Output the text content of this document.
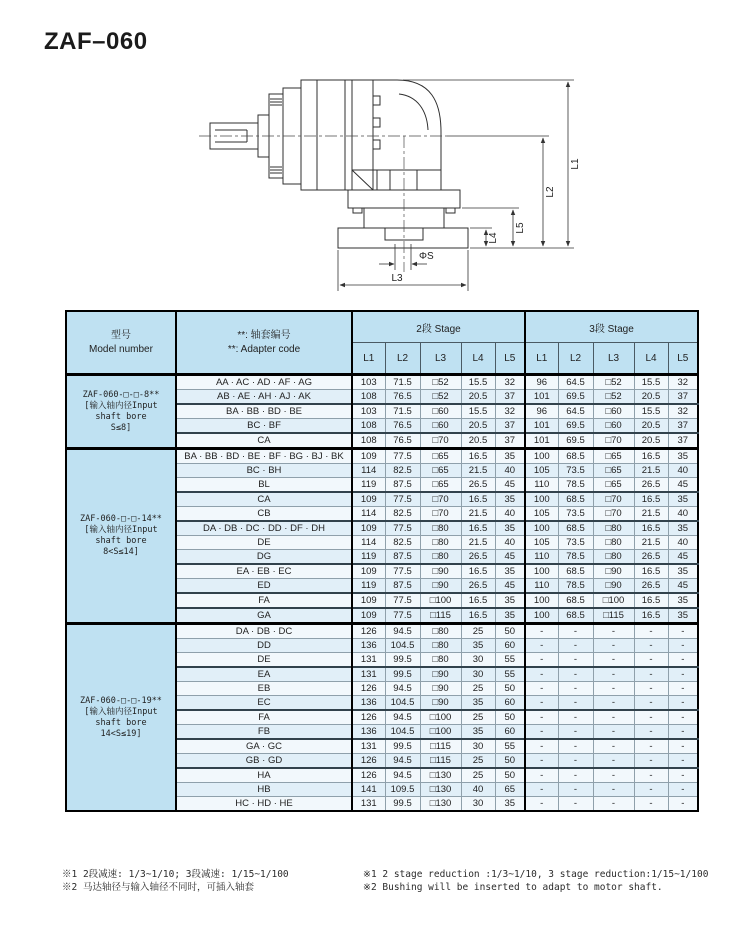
ZAF–060
L3
ΦS
L1
L2
L5
L4
型号
Model number

**: 轴套编号
**: Adapter code
	2段 Stage	3段 Stage
		L1	L2	L3	L4	L5	L1	L2	L3	L4	L5

ZAF-060-□-□-8**
[输入轴内径Input
shaft bore
S≤8]	AA · AC · AD · AF · AG	103	71.5	□52	15.5	32	96	64.5	□52	15.5	32
	AB · AE · AH · AJ · AK	108	76.5	□52	20.5	37	101	69.5	□52	20.5	37
	BA · BB · BD · BE	103	71.5	□60	15.5	32	96	64.5	□60	15.5	32
	BC · BF	108	76.5	□60	20.5	37	101	69.5	□60	20.5	37
	CA	108	76.5	□70	20.5	37	101	69.5	□70	20.5	37

ZAF-060-□-□-14**
[输入轴内径Input
shaft bore
8<S≤14]	BA · BB · BD · BE · BF · BG · BJ · BK	109	77.5	□65	16.5	35	100	68.5	□65	16.5	35
	BC · BH	114	82.5	□65	21.5	40	105	73.5	□65	21.5	40
	BL	119	87.5	□65	26.5	45	110	78.5	□65	26.5	45
	CA	109	77.5	□70	16.5	35	100	68.5	□70	16.5	35
	CB	114	82.5	□70	21.5	40	105	73.5	□70	21.5	40
	DA · DB · DC · DD · DF · DH	109	77.5	□80	16.5	35	100	68.5	□80	16.5	35
	DE	114	82.5	□80	21.5	40	105	73.5	□80	21.5	40
	DG	119	87.5	□80	26.5	45	110	78.5	□80	26.5	45
	EA · EB · EC	109	77.5	□90	16.5	35	100	68.5	□90	16.5	35
	ED	119	87.5	□90	26.5	45	110	78.5	□90	26.5	45
	FA	109	77.5	□100	16.5	35	100	68.5	□100	16.5	35
	GA	109	77.5	□115	16.5	35	100	68.5	□115	16.5	35

ZAF-060-□-□-19**
[输入轴内径Input
shaft bore
14<S≤19]	DA · DB · DC	126	94.5	□80	25	50	-	-	-	-	-
	DD	136	104.5	□80	35	60	-	-	-	-	-
	DE	131	99.5	□80	30	55	-	-	-	-	-
	EA	131	99.5	□90	30	55	-	-	-	-	-
	EB	126	94.5	□90	25	50	-	-	-	-	-
	EC	136	104.5	□90	35	60	-	-	-	-	-
	FA	126	94.5	□100	25	50	-	-	-	-	-
	FB	136	104.5	□100	35	60	-	-	-	-	-
	GA · GC	131	99.5	□115	30	55	-	-	-	-	-
	GB · GD	126	94.5	□115	25	50	-	-	-	-	-
	HA	126	94.5	□130	25	50	-	-	-	-	-
	HB	141	109.5	□130	40	65	-	-	-	-	-
	HC · HD · HE	131	99.5	□130	30	35	-	-	-	-	-
※1 2段减速: 1/3~1/10; 3段减速: 1/15~1/100
※2 马达轴径与输入轴径不同时，可插入轴套
※1 2 stage reduction :1/3~1/10, 3 stage reduction:1/15~1/100
※2 Bushing will be inserted to adapt to motor shaft.
